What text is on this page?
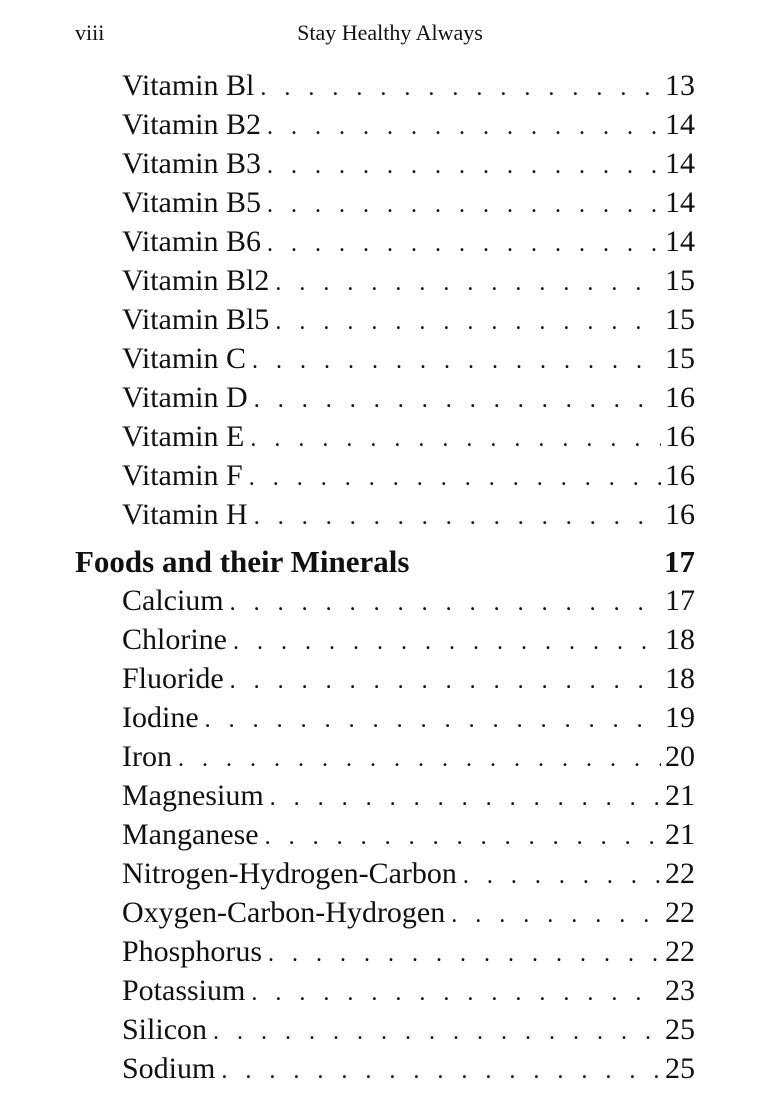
viii	Stay Healthy Always
Vitamin Bl . . .	13
Vitamin B2 . . .	14
Vitamin B3 . . .	14
Vitamin B5 . . .	14
Vitamin B6 . . .	14
Vitamin Bl2 . . .	15
Vitamin Bl5 . . .	15
Vitamin C . . .	15
Vitamin D . . .	16
Vitamin E . . .	16
Vitamin F . . .	16
Vitamin H . . .	16
Foods and their Minerals	17
Calcium . . .	17
Chlorine . . .	18
Fluoride . . .	18
Iodine . . .	19
Iron . . .	20
Magnesium . . .	21
Manganese . . .	21
Nitrogen-Hydrogen-Carbon . . .	22
Oxygen-Carbon-Hydrogen . . .	22
Phosphorus . . .	22
Potassium . . .	23
Silicon . . .	25
Sodium . . .	25
